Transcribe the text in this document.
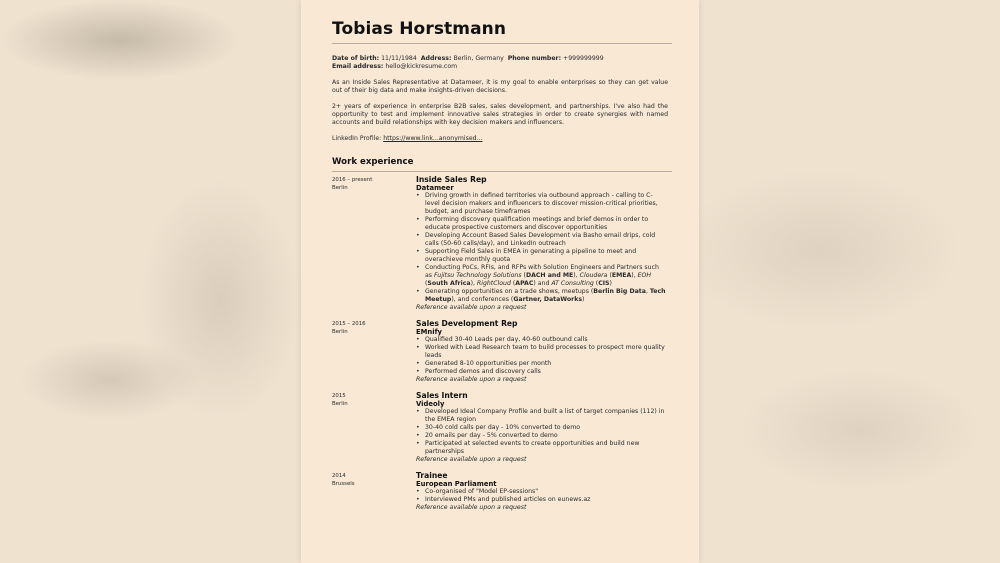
Tobias Horstmann
Date of birth: 11/11/1984 Address: Berlin, Germany Phone number: +999999999
Email address: hello@kickresume.com
As an Inside Sales Representative at Datameer, it is my goal to enable enterprises so they can get value out of their big data and make insights-driven decisions.
2+ years of experience in enterprise B2B sales, sales development, and partnerships. I've also had the opportunity to test and implement innovative sales strategies in order to create synergies with named accounts and build relationships with key decision makers and influencers.
LinkedIn Profile: https://www.link...anonymised...
Work experience
2016 – present
Berlin
Inside Sales Rep
Datameer
• Driving growth in defined territories via outbound approach - calling to C-level decision makers and influencers to discover mission-critical priorities, budget, and purchase timeframes
• Performing discovery qualification meetings and brief demos in order to educate prospective customers and discover opportunities
• Developing Account Based Sales Development via Basho email drips, cold calls (50-60 calls/day), and LinkedIn outreach
• Supporting Field Sales in EMEA in generating a pipeline to meet and overachieve monthly quota
• Conducting PoCs, RFIs, and RFPs with Solution Engineers and Partners such as Fujitsu Technology Solutions (DACH and ME), Cloudera (EMEA), EOH (South Africa), RightCloud (APAC) and AT Consulting (CIS)
• Generating opportunities on a trade shows, meetups (Berlin Big Data, Tech Meetup), and conferences (Gartner, DataWorks)
Reference available upon a request
2015 – 2016
Berlin
Sales Development Rep
EMnify
• Qualified 30-40 Leads per day, 40-60 outbound calls
• Worked with Lead Research team to build processes to prospect more quality leads
• Generated 8-10 opportunities per month
• Performed demos and discovery calls
Reference available upon a request
2015
Berlin
Sales Intern
Videoly
• Developed Ideal Company Profile and built a list of target companies (112) in the EMEA region
• 30-40 cold calls per day - 10% converted to demo
• 20 emails per day - 5% converted to demo
• Participated at selected events to create opportunities and build new partnerships
Reference available upon a request
2014
Brussels
Trainee
European Parliament
• Co-organised of "Model EP-sessions"
• Interviewed PMs and published articles on eunews.az
Reference available upon a request
